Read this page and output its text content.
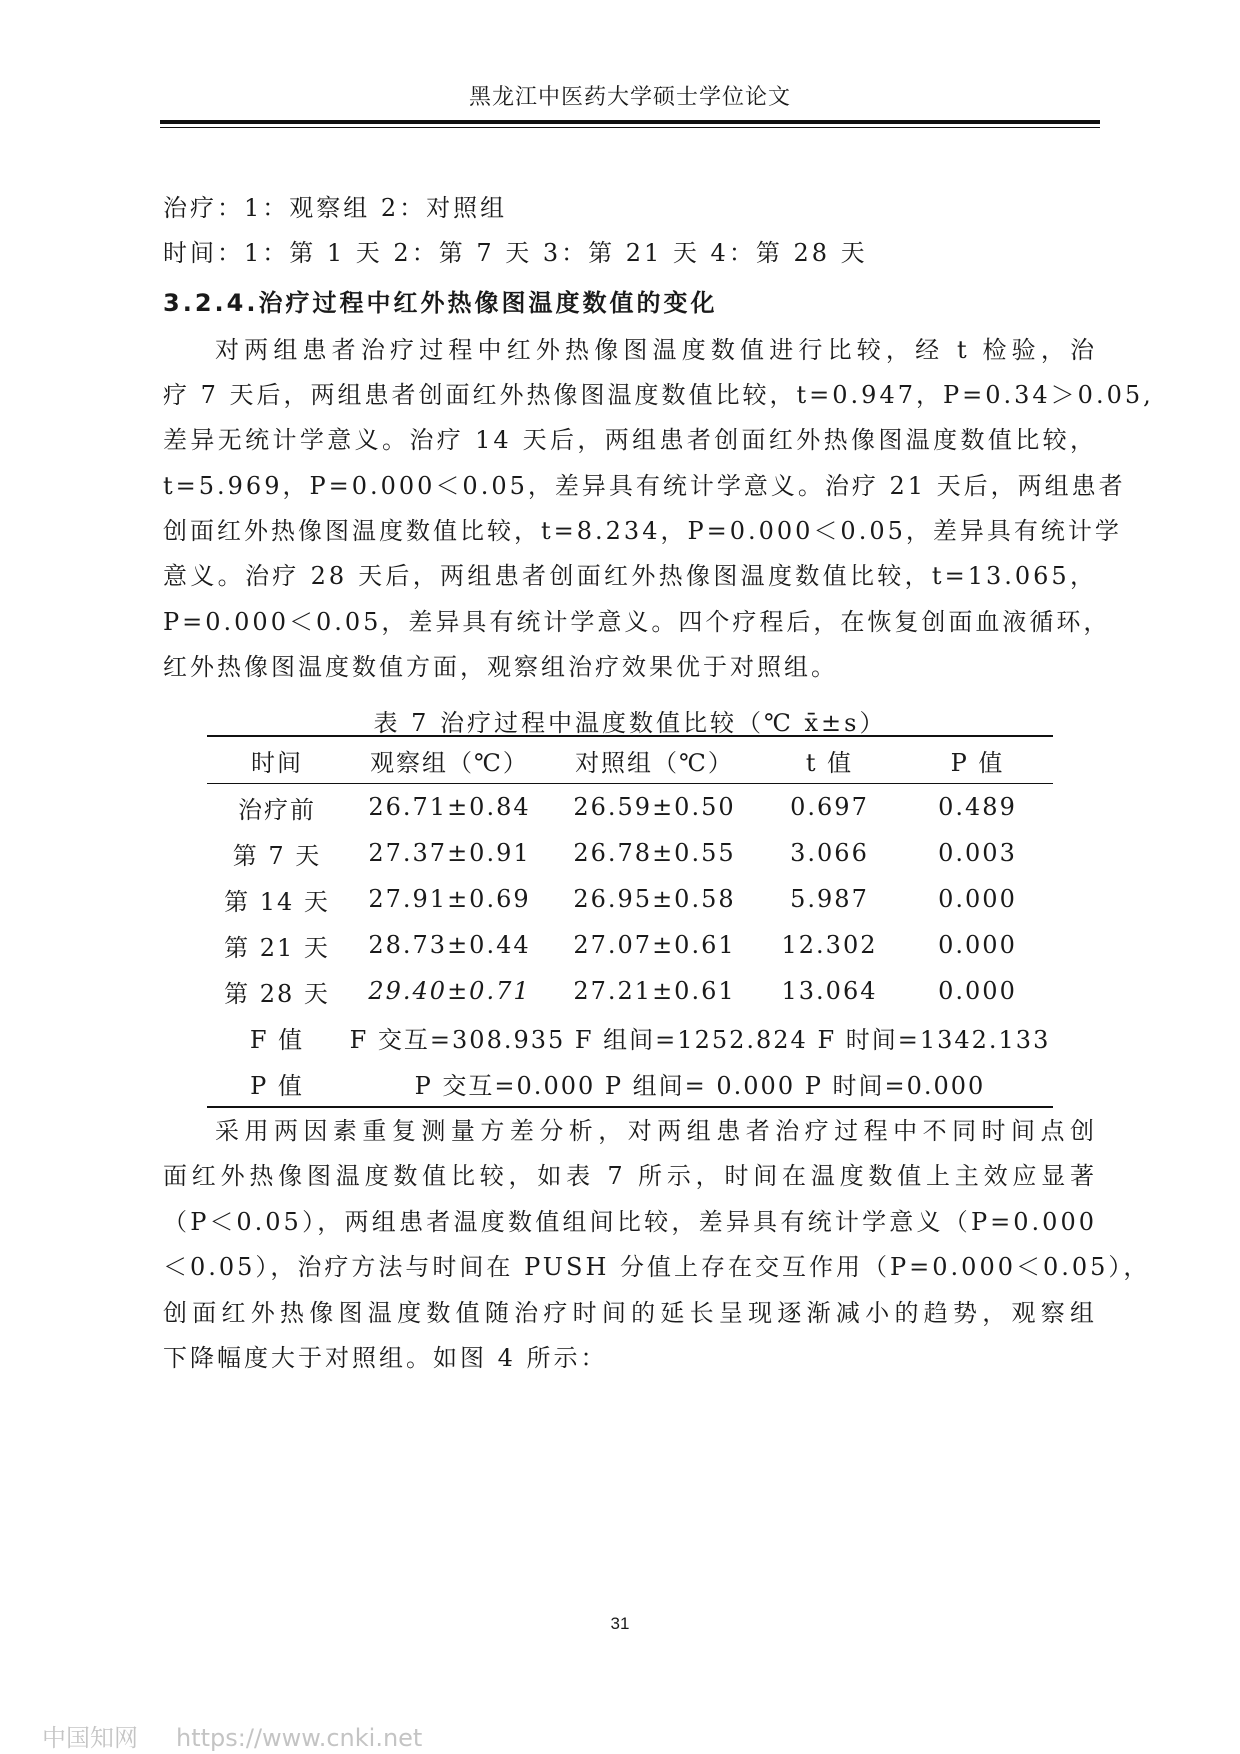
黑龙江中医药大学硕士学位论文
治疗：1：观察组 2：对照组
时间：1：第 1 天 2：第 7 天 3：第 21 天 4：第 28 天
3.2.4.治疗过程中红外热像图温度数值的变化
对两组患者治疗过程中红外热像图温度数值进行比较，经 t 检验，治
疗 7 天后，两组患者创面红外热像图温度数值比较，t=0.947，P=0.34＞0.05,
差异无统计学意义。治疗 14 天后，两组患者创面红外热像图温度数值比较，
t=5.969，P=0.000＜0.05，差异具有统计学意义。治疗 21 天后，两组患者
创面红外热像图温度数值比较，t=8.234，P=0.000＜0.05，差异具有统计学
意义。治疗 28 天后，两组患者创面红外热像图温度数值比较，t=13.065，
P=0.000＜0.05，差异具有统计学意义。四个疗程后，在恢复创面血液循环，
红外热像图温度数值方面，观察组治疗效果优于对照组。
采用两因素重复测量方差分析，对两组患者治疗过程中不同时间点创
面红外热像图温度数值比较，如表 7 所示，时间在温度数值上主效应显著
（P＜0.05），两组患者温度数值组间比较，差异具有统计学意义（P=0.000
＜0.05），治疗方法与时间在 PUSH 分值上存在交互作用（P=0.000＜0.05），
创面红外热像图温度数值随治疗时间的延长呈现逐渐减小的趋势，观察组
下降幅度大于对照组。如图 4 所示：
表 7 治疗过程中温度数值比较（℃ x̄±s）
时间	观察组（℃）	对照组（℃）	t 值	P 值
治疗前	26.71±0.84	26.59±0.50	0.697	0.489
第 7 天	27.37±0.91	26.78±0.55	3.066	0.003
第 14 天	27.91±0.69	26.95±0.58	5.987	0.000
第 21 天	28.73±0.44	27.07±0.61	12.302	0.000
第 28 天	29.40±0.71	27.21±0.61	13.064	0.000
F 值	F 交互=308.935 F 组间=1252.824 F 时间=1342.133			
P 值	P 交互=0.000 P 组间= 0.000 P 时间=0.000			
31
中国知网 https://www.cnki.net
